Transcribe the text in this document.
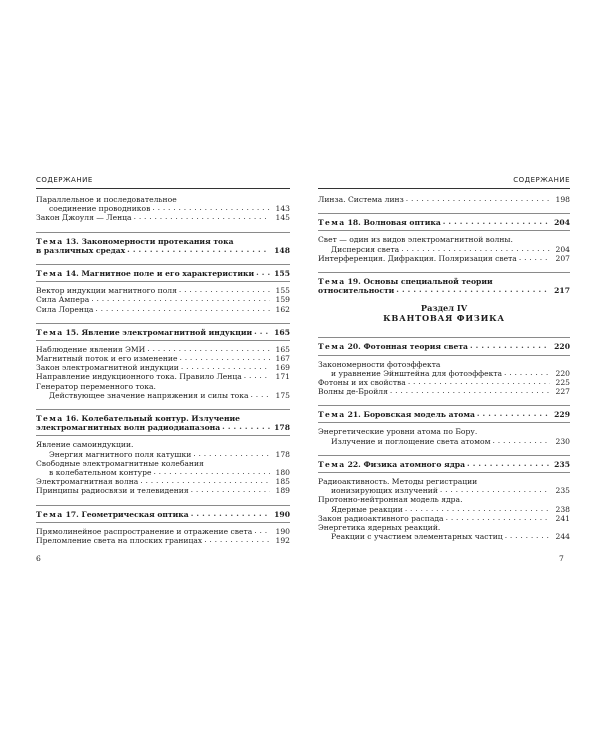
СОДЕРЖАНИЕ
Параллельное и последовательное
соединение проводников . . .	143
Закон Джоуля — Ленца . . .	145
Тема 13. Закономерности протекания тока
в различных средах . . .	148
Тема 14. Магнитное поле и его характеристики . . .	155
Вектор индукции магнитного поля . . .	155
Сила Ампера . . .	159
Сила Лоренца . . .	162
Тема 15. Явление электромагнитной индукции . . .	165
Наблюдение явления ЭМИ . . .	165
Магнитный поток и его изменение . . .	167
Закон электромагнитной индукции . . .	169
Направление индукционного тока. Правило Ленца . . .	171
Генератор переменного тока.
Действующее значение напряжения и силы тока . . .	175
Тема 16. Колебательный контур. Излучение
электромагнитных волн радиодиапазона . . .	178
Явление самоиндукции.
Энергия магнитного поля катушки . . .	178
Свободные электромагнитные колебания
в колебательном контуре . . .	180
Электромагнитная волна . . .	185
Принципы радиосвязи и телевидения . . .	189
Тема 17. Геометрическая оптика . . .	190
Прямолинейное распространение и отражение света . . .	190
Преломление света на плоских границах . . .	192
СОДЕРЖАНИЕ
Линза. Система линз . . .	198
Тема 18. Волновая оптика . . .	204
Свет — один из видов электромагнитной волны.
Дисперсия света . . .	204
Интерференция. Дифракция. Поляризация света . . .	207
Тема 19. Основы специальной теории
относительности . . .	217
Раздел IV
КВАНТОВАЯ ФИЗИКА
Тема 20. Фотонная теория света . . .	220
Закономерности фотоэффекта
и уравнение Эйнштейна для фотоэффекта . . .	220
Фотоны и их свойства . . .	225
Волны де-Бройля . . .	227
Тема 21. Боровская модель атома . . .	229
Энергетические уровни атома по Бору.
Излучение и поглощение света атомом . . .	230
Тема 22. Физика атомного ядра . . .	235
Радиоактивность. Методы регистрации
ионизирующих излучений . . .	235
Протонно-нейтронная модель ядра.
Ядерные реакции . . .	238
Закон радиоактивного распада . . .	241
Энергетика ядерных реакций.
Реакции с участием элементарных частиц . . .	244
6	7
